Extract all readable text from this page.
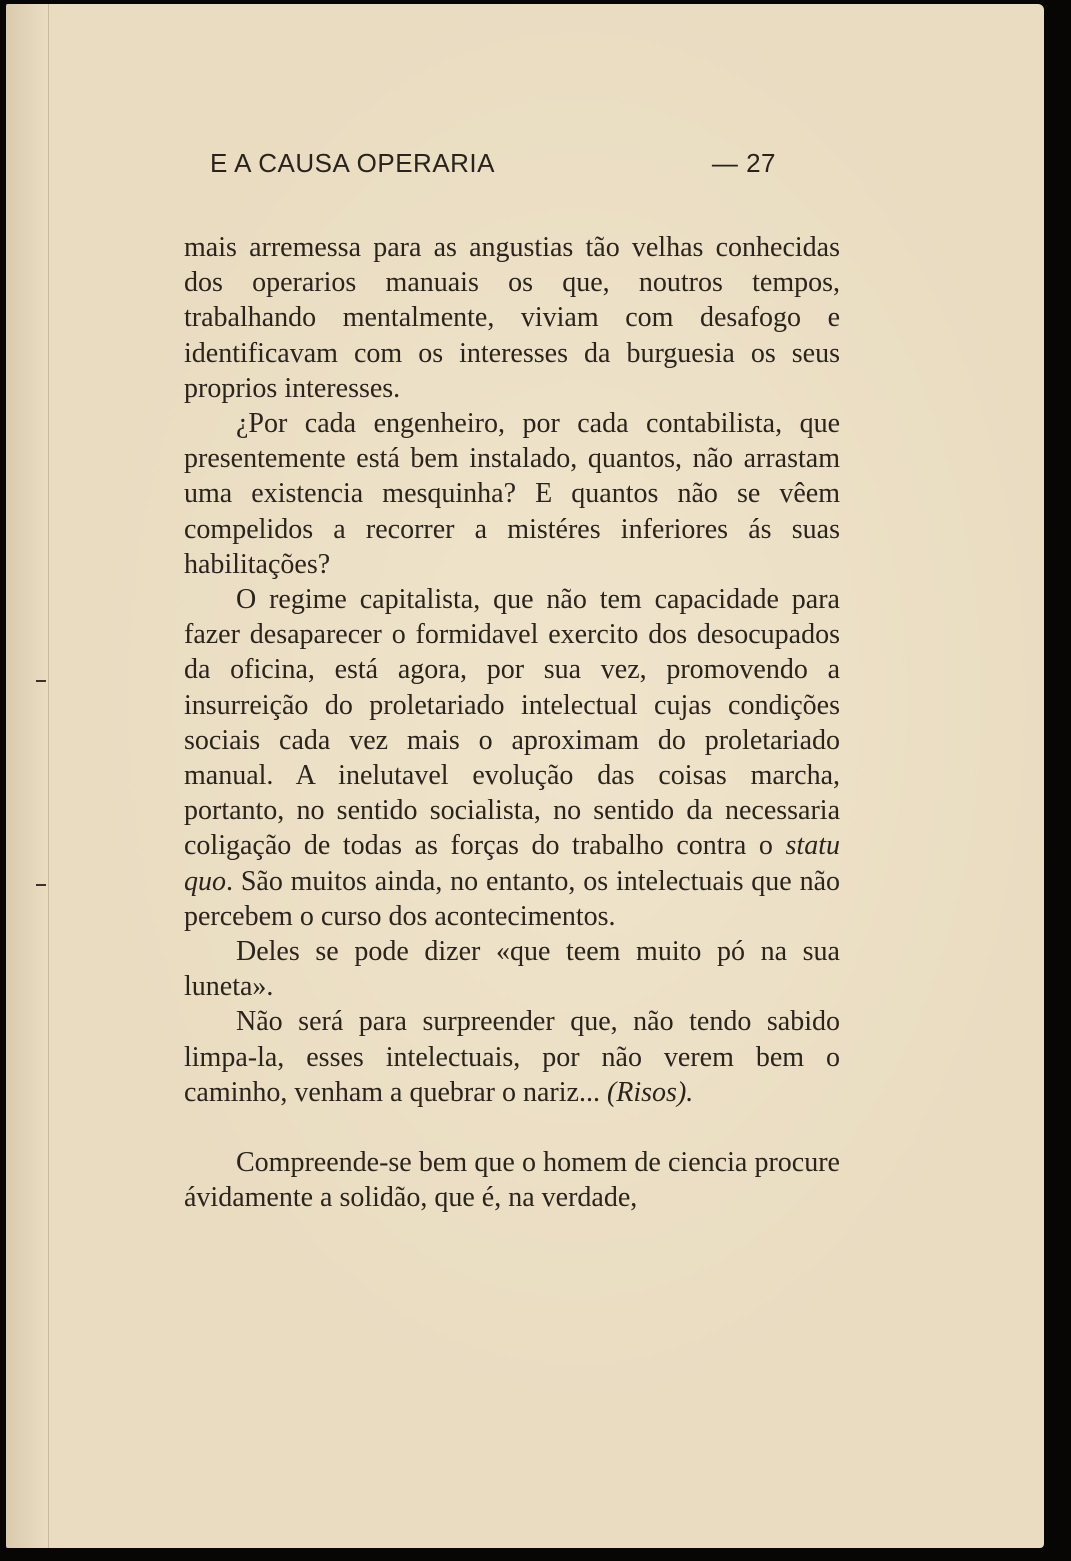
E A CAUSA OPERARIA	— 27

mais arremessa para as angustias tão velhas conhecidas dos operarios manuais os que, noutros tempos, trabalhando mentalmente, viviam com desafogo e identificavam com os interesses da burguesia os seus proprios interesses.

¿Por cada engenheiro, por cada contabilista, que presentemente está bem instalado, quantos, não arrastam uma existencia mesquinha? E quantos não se vêem compelidos a recorrer a mistéres inferiores ás suas habilitações?

O regime capitalista, que não tem capacidade para fazer desaparecer o formidavel exercito dos desocupados da oficina, está agora, por sua vez, promovendo a insurreição do proletariado intelectual cujas condições sociais cada vez mais o aproximam do proletariado manual. A inelutavel evolução das coisas marcha, portanto, no sentido socialista, no sentido da necessaria coligação de todas as forças do trabalho contra o statu quo. São muitos ainda, no entanto, os intelectuais que não percebem o curso dos acontecimentos.

Deles se pode dizer «que teem muito pó na sua luneta».

Não será para surpreender que, não tendo sabido limpa-la, esses intelectuais, por não verem bem o caminho, venham a quebrar o nariz... (Risos).

Compreende-se bem que o homem de ciencia procure ávidamente a solidão, que é, na verdade,
